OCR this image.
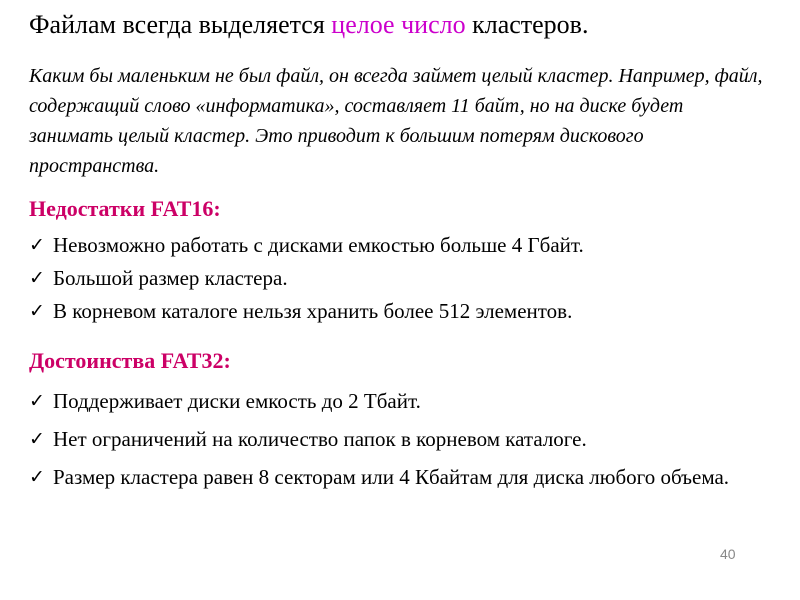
Файлам всегда выделяется целое число кластеров.
Каким бы маленьким не был файл, он всегда займет целый кластер. Например, файл, содержащий слово «информатика», составляет 11 байт, но на диске будет занимать целый кластер. Это приводит к большим потерям дискового пространства.
Недостатки FAT16:
✓ Невозможно работать с дисками емкостью больше 4 Гбайт.
✓ Большой размер кластера.
✓ В корневом каталоге нельзя хранить более 512 элементов.
Достоинства FAT32:
✓ Поддерживает диски емкость до 2 Тбайт.
✓ Нет ограничений на количество папок в корневом каталоге.
✓ Размер кластера равен 8 секторам или 4 Кбайтам для диска любого объема.
40
